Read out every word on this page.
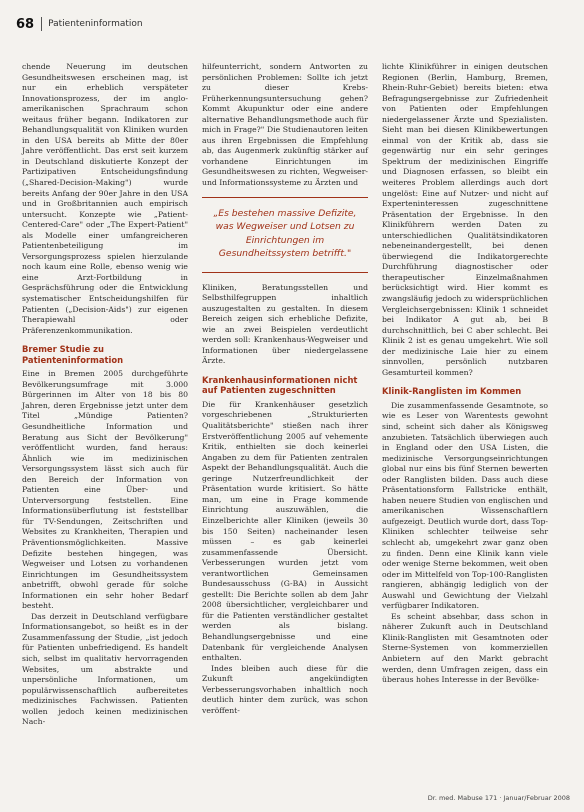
68 Patienteninformation

chende Neuerung im deutschen Gesundheitswesen erscheinen mag, ist nur ein erheblich verspäteter Innovationsprozess, der im anglo-amerikanischen Sprachraum schon weitaus früher begann. Indikatoren zur Behandlungsqualität von Kliniken wurden in den USA bereits ab Mitte der 80er Jahre veröffentlicht. Das erst seit kurzem in Deutschland diskutierte Konzept der Partizipativen Entscheidungsfindung („Shared-Decision-Making") wurde bereits Anfang der 90er Jahre in den USA und in Großbritannien auch empirisch untersucht. Konzepte wie „Patient-Centered-Care" oder „The Expert-Patient" als Modelle einer umfangreicheren Patientenbeteiligung im Versorgungsprozess spielen hierzulande noch kaum eine Rolle, ebenso wenig wie eine Arzt-Fortbildung in Gesprächsführung oder die Entwicklung systematischer Entscheidungshilfen für Patienten („Decision-Aids") zur eigenen Therapiewahl oder Präferenzenkommunikation.

Bremer Studie zu Patienteninformation

Eine in Bremen 2005 durchgeführte Bevölkerungsumfrage mit 3.000 Bürgerinnen im Alter von 18 bis 80 Jahren, deren Ergebnisse jetzt unter dem Titel „Mündige Patienten? Gesundheitliche Information und Beratung aus Sicht der Bevölkerung" veröffentlicht wurden, fand heraus: Ähnlich wie im medizinischen Versorgungssystem lässt sich auch für den Bereich der Information von Patienten eine Über- und Unterversorgung feststellen. Eine Informationsüberflutung ist feststellbar für TV-Sendungen, Zeitschriften und Websites zu Krankheiten, Therapien und Präventionsmöglichkeiten. Massive Defizite bestehen hingegen, was Wegweiser und Lotsen zu vorhandenen Einrichtungen im Gesundheitssystem anbetrifft, obwohl gerade für solche Informationen ein sehr hoher Bedarf besteht.

Das derzeit in Deutschland verfügbare Informationsangebot, so heißt es in der Zusammenfassung der Studie, „ist jedoch für Patienten unbefriedigend. Es handelt sich, selbst im qualitativ hervorragenden Websites, um abstrakte und unpersönliche Informationen, um populärwissenschaftlich aufbereitetes medizinisches Fachwissen. Patienten wollen jedoch keinen medizinischen Nach-

hilfeunterricht, sondern Antworten zu persönlichen Problemen: Sollte ich jetzt zu dieser Krebs-Früherkennungsuntersuchung gehen? Kommt Akupunktur oder eine andere alternative Behandlungsmethode auch für mich in Frage?" Die Studienautoren leiten aus ihren Ergebnissen die Empfehlung ab, das Augenmerk zukünftig stärker auf vorhandene Einrichtungen im Gesundheitswesen zu richten, Wegweiser- und Informationssysteme zu Ärzten und

„Es bestehen massive Defizite, was Wegweiser und Lotsen zu Einrichtungen im Gesundheitssystem betrifft."

Kliniken, Beratungsstellen und Selbsthilfegruppen inhaltlich auszugestalten zu gestalten. In diesem Bereich zeigen sich erhebliche Defizite, wie an zwei Beispielen verdeutlicht werden soll: Krankenhaus-Wegweiser und Informationen über niedergelassene Ärzte.

Krankenhausinformationen nicht auf Patienten zugeschnitten

Die für Krankenhäuser gesetzlich vorgeschriebenen „Strukturierten Qualitätsberichte" stießen nach ihrer Erstveröffentlichung 2005 auf vehemente Kritik, enthielten sie doch keinerlei Angaben zu dem für Patienten zentralen Aspekt der Behandlungsqualität. Auch die geringe Nutzerfreundlichkeit der Präsentation wurde kritisiert. So hätte man, um eine in Frage kommende Einrichtung auszuwählen, die Einzelberichte aller Kliniken (jeweils 30 bis 150 Seiten) nacheinander lesen müssen – es gab keinerlei zusammenfassende Übersicht. Verbesserungen wurden jetzt vom verantwortlichen Gemeinsamen Bundesausschuss (G-BA) in Aussicht gestellt: Die Berichte sollen ab dem Jahr 2008 übersichtlicher, vergleichbarer und für die Patienten verständlicher gestaltet werden als bislang. Behandlungsergebnisse und eine Datenbank für vergleichende Analysen enthalten.

Indes bleiben auch diese für die Zukunft angekündigten Verbesserungsvorhaben inhaltlich noch deutlich hinter dem zurück, was schon veröffent-

lichte Klinikführer in einigen deutschen Regionen (Berlin, Hamburg, Bremen, Rhein-Ruhr-Gebiet) bereits bieten: etwa Befragungsergebnisse zur Zufriedenheit von Patienten oder Empfehlungen niedergelassener Ärzte und Spezialisten. Sieht man bei diesen Klinikbewertungen einmal von der Kritik ab, dass sie gegenwärtig nur ein sehr geringes Spektrum der medizinischen Eingriffe und Diagnosen erfassen, so bleibt ein weiteres Problem allerdings auch dort ungelöst: Eine auf Nutzer- und nicht auf Experteninteressen zugeschnittene Präsentation der Ergebnisse. In den Klinikführern werden Daten zu unterschiedlichen Qualitätsindikatoren nebeneinandergestellt, bei denen überwiegend die Indikatorgerechte Durchführung diagnostischer oder therapeutischer Einzelmaßnahmen berücksichtigt wird. Hier kommt es zwangsläufig jedoch zu widersprüchlichen Vergleichsergebnissen: Klinik 1 schneidet bei Indikator A gut ab, bei B durchschnittlich, bei C aber schlecht. Bei Klinik 2 ist es genau umgekehrt. Wie soll der medizinische Laie hier zu einem sinnvollen, persönlich nutzbaren Gesamturteil kommen?

Klinik-Ranglisten im Kommen

Die zusammenfassende Gesamtnote, so wie es Leser von Warentests gewohnt sind, scheint sich daher als Königsweg anzubieten. Tatsächlich überwiegen auch in England oder den USA Listen, die medizinische Versorgungseinrichtungen global nur eins bis fünf Sternen bewerten oder Ranglisten bilden. Dass auch diese Präsentationsform Fallstricke enthält, haben neuere Studien von englischen und amerikanischen Wissenschaftlern aufgezeigt. Deutlich wurde dort, dass Top-Kliniken schlechter teilweise sehr schlecht ab, umgekehrt zwar ganz oben zu finden. Denn eine Klinik kann viele oder wenige Sterne bekommen, weit oben oder im Mittelfeld von Top-100-Ranglisten rangieren, abhängig lediglich von der Auswahl und Gewichtung der Vielzahl verfügbarer Indikatoren.

Es scheint absehbar, dass schon in näherer Zukunft auch in Deutschland Klinik-Ranglisten mit Gesamtnoten oder Sterne-Systemen von kommerziellen Anbietern auf den Markt gebracht werden, denn Umfragen zeigen, dass ein überaus hohes Interesse in der Bevölke-

Dr. med. Mabuse 171 · Januar/Februar 2008
